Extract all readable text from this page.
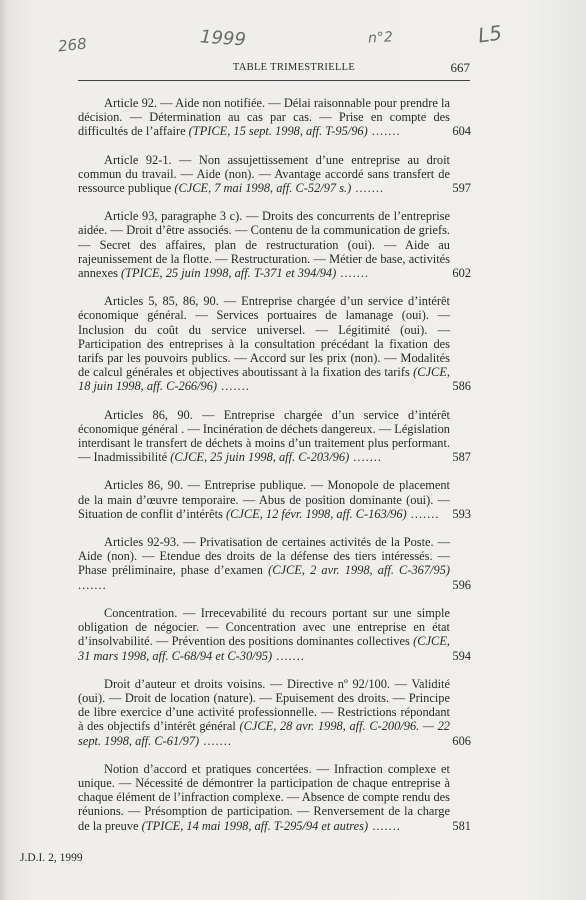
268	1999	n°2	L5
TABLE TRIMESTRIELLE	667
Article 92. — Aide non notifiée. — Délai raisonnable pour prendre la décision. — Détermination au cas par cas. — Prise en compte des difficultés de l’affaire (TPICE, 15 sept. 1998, aff. T-95/96) .......	604
Article 92-1. — Non assujettissement d’une entreprise au droit commun du travail. — Aide (non). — Avantage accordé sans transfert de ressource publique (CJCE, 7 mai 1998, aff. C-52/97 s.) .......	597
Article 93, paragraphe 3 c). — Droits des concurrents de l’entreprise aidée. — Droit d’être associés. — Contenu de la communication de griefs. — Secret des affaires, plan de restructuration (oui). — Aide au rajeunissement de la flotte. — Restructuration. — Métier de base, activités annexes (TPICE, 25 juin 1998, aff. T-371 et 394/94) .......	602
Articles 5, 85, 86, 90. — Entreprise chargée d’un service d’intérêt économique général. — Services portuaires de lamanage (oui). — Inclusion du coût du service universel. — Légitimité (oui). — Participation des entreprises à la consultation précédant la fixation des tarifs par les pouvoirs publics. — Accord sur les prix (non). — Modalités de calcul générales et objectives aboutissant à la fixation des tarifs (CJCE, 18 juin 1998, aff. C-266/96) .......	586
Articles 86, 90. — Entreprise chargée d’un service d’intérêt économique général . — Incinération de déchets dangereux. — Législation interdisant le transfert de déchets à moins d’un traitement plus performant. — Inadmissibilité (CJCE, 25 juin 1998, aff. C-203/96) .......	587
Articles 86, 90. — Entreprise publique. — Monopole de placement de la main d’œuvre temporaire. — Abus de position dominante (oui). — Situation de conflit d’intérêts (CJCE, 12 févr. 1998, aff. C-163/96) .......	593
Articles 92-93. — Privatisation de certaines activités de la Poste. — Aide (non). — Etendue des droits de la défense des tiers intéressés. — Phase préliminaire, phase d’examen (CJCE, 2 avr. 1998, aff. C-367/95) .......	596
Concentration. — Irrecevabilité du recours portant sur une simple obligation de négocier. — Concentration avec une entreprise en état d’insolvabilité. — Prévention des positions dominantes collectives (CJCE, 31 mars 1998, aff. C-68/94 et C-30/95) .......	594
Droit d’auteur et droits voisins. — Directive nº 92/100. — Validité (oui). — Droit de location (nature). — Epuisement des droits. — Principe de libre exercice d’une activité professionnelle. — Restrictions répondant à des objectifs d’intérêt général (CJCE, 28 avr. 1998, aff. C-200/96. — 22 sept. 1998, aff. C-61/97) .......	606
Notion d’accord et pratiques concertées. — Infraction complexe et unique. — Nécessité de démontrer la participation de chaque entreprise à chaque élément de l’infraction complexe. — Absence de compte rendu des réunions. — Présomption de participation. — Renversement de la charge de la preuve (TPICE, 14 mai 1998, aff. T-295/94 et autres) .......	581
J.D.I. 2, 1999
